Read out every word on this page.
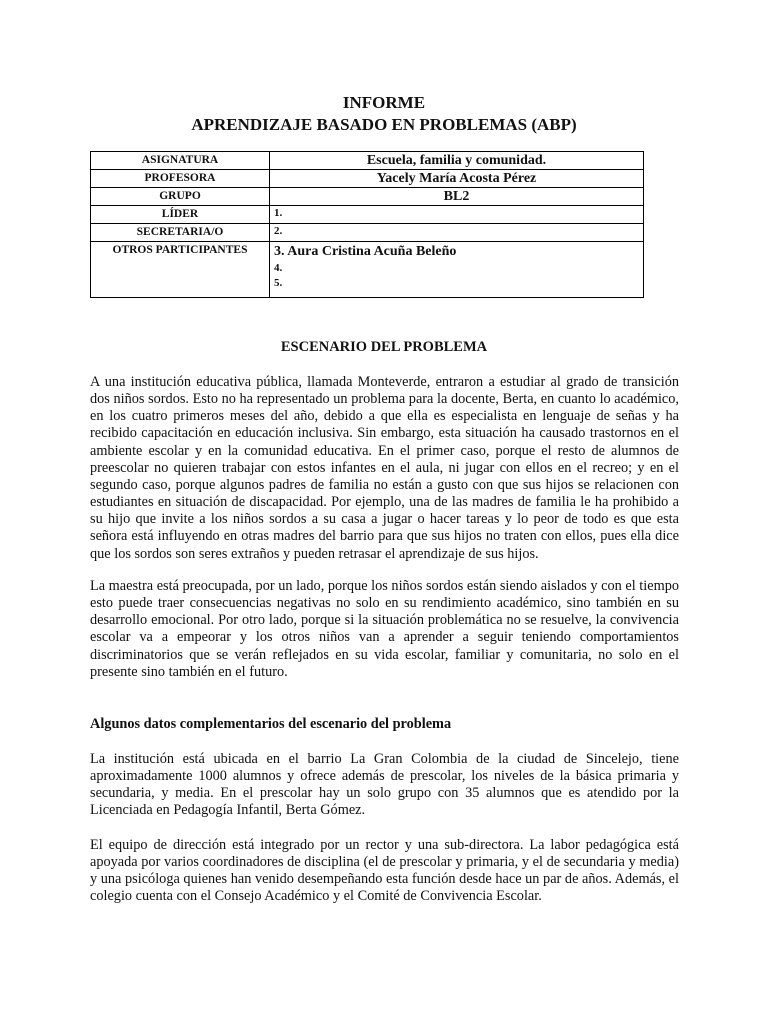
INFORME
APRENDIZAJE BASADO EN PROBLEMAS (ABP)
ASIGNATURA	Escuela, familia y comunidad.
PROFESORA	Yacely María Acosta Pérez
GRUPO	BL2
LÍDER	1.
SECRETARIA/O	2.
OTROS PARTICIPANTES	3. Aura Cristina Acuña Beleño
4.
5.
ESCENARIO DEL PROBLEMA

A una institución educativa pública, llamada Monteverde, entraron a estudiar al grado de transición dos niños sordos. Esto no ha representado un problema para la docente, Berta, en cuanto lo académico, en los cuatro primeros meses del año, debido a que ella es especialista en lenguaje de señas y ha recibido capacitación en educación inclusiva. Sin embargo, esta situación ha causado trastornos en el ambiente escolar y en la comunidad educativa. En el primer caso, porque el resto de alumnos de preescolar no quieren trabajar con estos infantes en el aula, ni jugar con ellos en el recreo; y en el segundo caso, porque algunos padres de familia no están a gusto con que sus hijos se relacionen con estudiantes en situación de discapacidad. Por ejemplo, una de las madres de familia le ha prohibido a su hijo que invite a los niños sordos a su casa a jugar o hacer tareas y lo peor de todo es que esta señora está influyendo en otras madres del barrio para que sus hijos no traten con ellos, pues ella dice que los sordos son seres extraños y pueden retrasar el aprendizaje de sus hijos.

La maestra está preocupada, por un lado, porque los niños sordos están siendo aislados y con el tiempo esto puede traer consecuencias negativas no solo en su rendimiento académico, sino también en su desarrollo emocional. Por otro lado, porque si la situación problemática no se resuelve, la convivencia escolar va a empeorar y los otros niños van a aprender a seguir teniendo comportamientos discriminatorios que se verán reflejados en su vida escolar, familiar y comunitaria, no solo en el presente sino también en el futuro.

Algunos datos complementarios del escenario del problema

La institución está ubicada en el barrio La Gran Colombia de la ciudad de Sincelejo, tiene aproximadamente 1000 alumnos y ofrece además de prescolar, los niveles de la básica primaria y secundaria, y media. En el prescolar hay un solo grupo con 35 alumnos que es atendido por la Licenciada en Pedagogía Infantil, Berta Gómez.

El equipo de dirección está integrado por un rector y una sub-directora. La labor pedagógica está apoyada por varios coordinadores de disciplina (el de prescolar y primaria, y el de secundaria y media) y una psicóloga quienes han venido desempeñando esta función desde hace un par de años. Además, el colegio cuenta con el Consejo Académico y el Comité de Convivencia Escolar.
